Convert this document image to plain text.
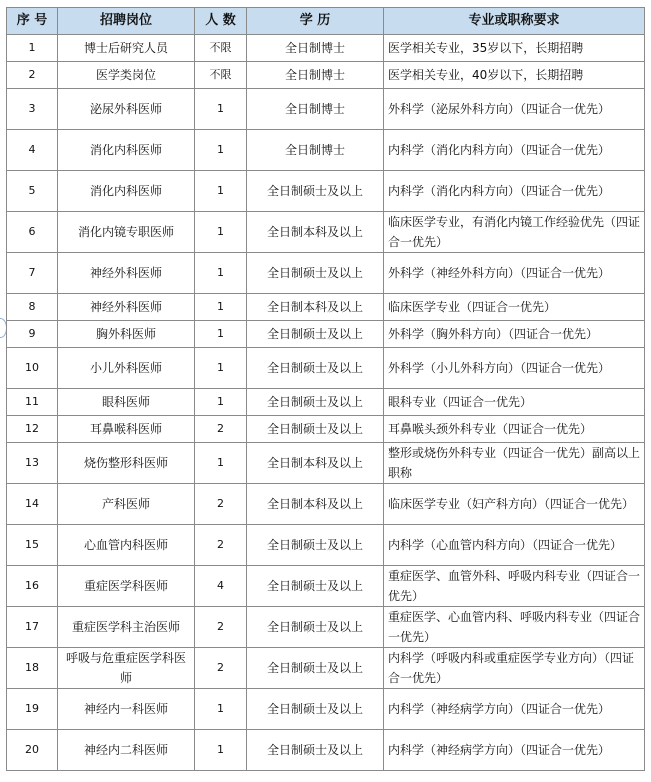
序 号	招聘岗位	人 数	学 历	专业或职称要求
1	博士后研究人员	不限	全日制博士	医学相关专业，35岁以下，长期招聘
2	医学类岗位	不限	全日制博士	医学相关专业，40岁以下，长期招聘
3	泌尿外科医师	1	全日制博士	外科学（泌尿外科方向）（四证合一优先）
4	消化内科医师	1	全日制博士	内科学（消化内科方向）（四证合一优先）
5	消化内科医师	1	全日制硕士及以上	内科学（消化内科方向）（四证合一优先）
6	消化内镜专职医师	1	全日制本科及以上	临床医学专业，有消化内镜工作经验优先（四证合一优先）
7	神经外科医师	1	全日制硕士及以上	外科学（神经外科方向）（四证合一优先）
8	神经外科医师	1	全日制本科及以上	临床医学专业（四证合一优先）
9	胸外科医师	1	全日制硕士及以上	外科学（胸外科方向）（四证合一优先）
10	小儿外科医师	1	全日制硕士及以上	外科学（小儿外科方向）（四证合一优先）
11	眼科医师	1	全日制硕士及以上	眼科专业（四证合一优先）
12	耳鼻喉科医师	2	全日制硕士及以上	耳鼻喉头颈外科专业（四证合一优先）
13	烧伤整形科医师	1	全日制本科及以上	整形或烧伤外科专业（四证合一优先）副高以上职称
14	产科医师	2	全日制本科及以上	临床医学专业（妇产科方向）（四证合一优先）
15	心血管内科医师	2	全日制硕士及以上	内科学（心血管内科方向）（四证合一优先）
16	重症医学科医师	4	全日制硕士及以上	重症医学、血管外科、呼吸内科专业（四证合一优先）
17	重症医学科主治医师	2	全日制硕士及以上	重症医学、心血管内科、呼吸内科专业（四证合一优先）
18	呼吸与危重症医学科医师	2	全日制硕士及以上	内科学（呼吸内科或重症医学专业方向）（四证合一优先）
19	神经内一科医师	1	全日制硕士及以上	内科学（神经病学方向）（四证合一优先）
20	神经内二科医师	1	全日制硕士及以上	内科学（神经病学方向）（四证合一优先）
